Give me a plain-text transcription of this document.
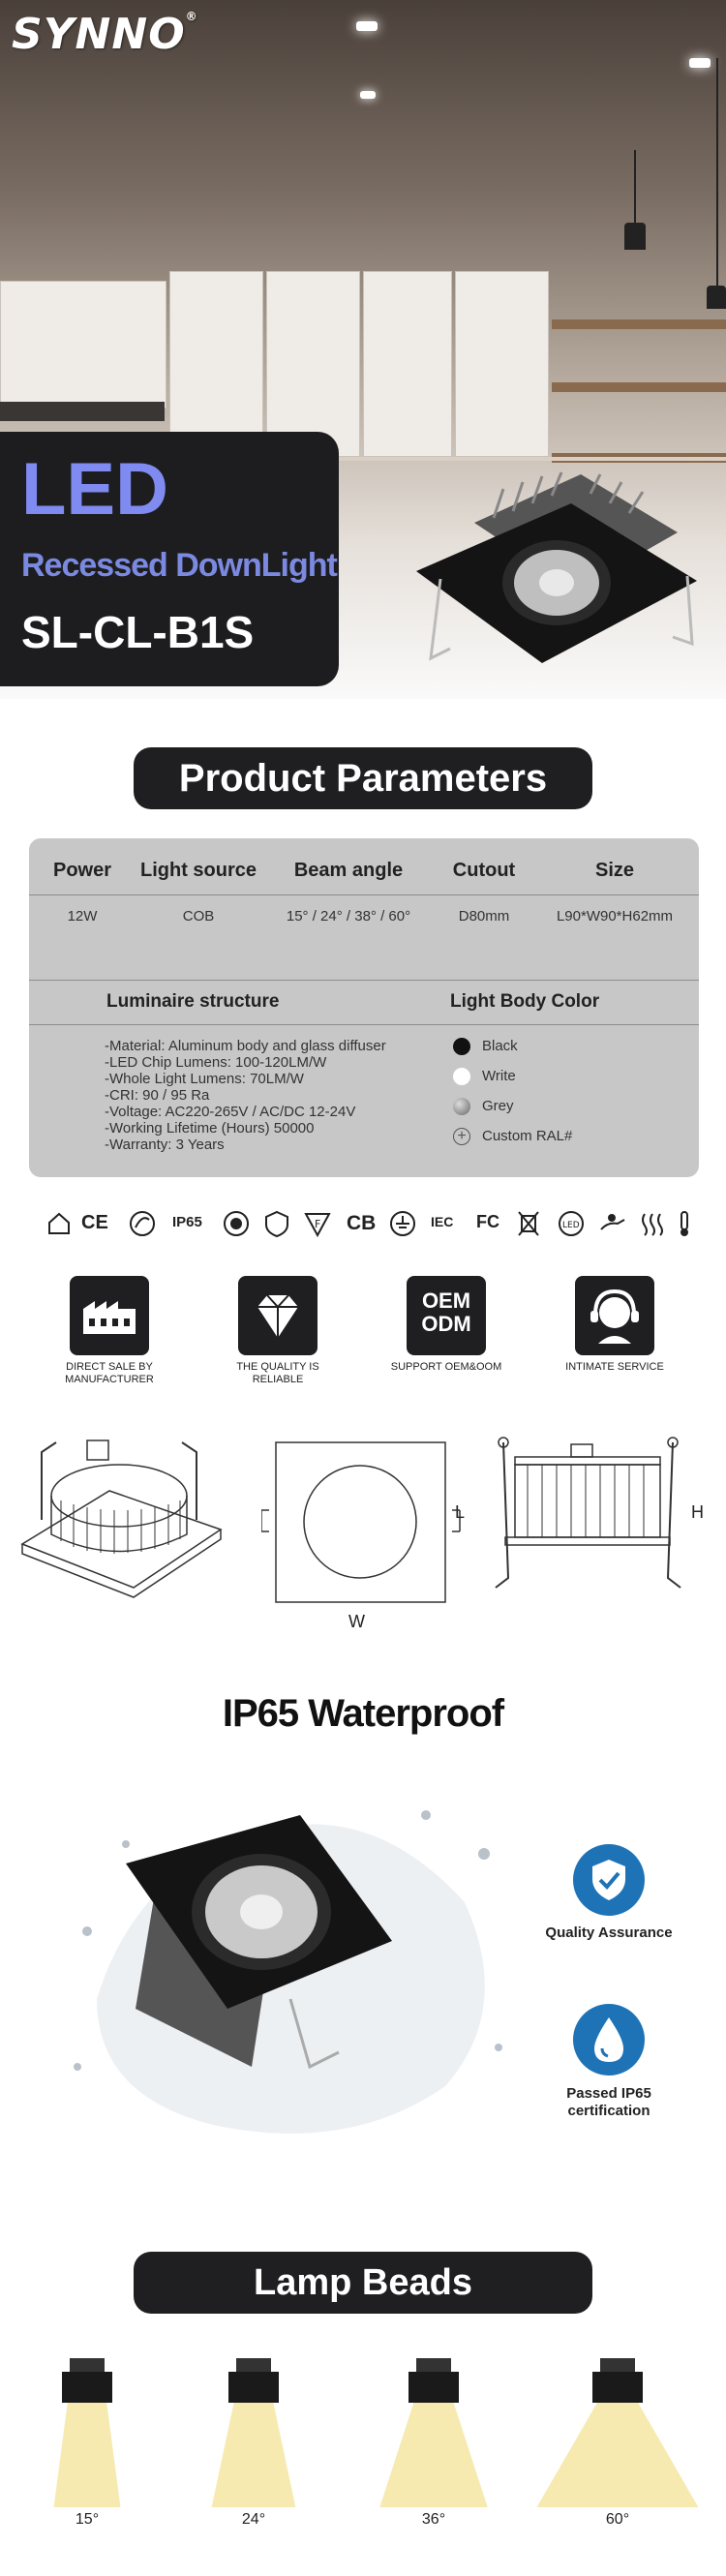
SYNNO®
LED
Recessed DownLight
SL-CL-B1S
Product Parameters
Power	Light source	Beam angle	Cutout	Size
12W	COB	15° / 24° / 38° / 60°	D80mm	L90*W90*H62mm
Luminaire structure	Light Body Color
-Material: Aluminum body and glass diffuser
-LED Chip Lumens: 100-120LM/W
-Whole Light Lumens: 70LM/W
-CRI: 90 / 95 Ra
-Voltage: AC220-265V / AC/DC 12-24V
-Working Lifetime (Hours) 50000
-Warranty: 3 Years
Black
Write
Grey
+ Custom RAL#
CE	IP65	F CB	IEC FC	LED
DIRECT SALE BY MANUFACTURER
THE QUALITY IS RELIABLE
OEM
ODM
SUPPORT OEM&OOM	INTIMATE SERVICE
L
W
H
IP65 Waterproof
Quality Assurance
Passed IP65 certification
Lamp Beads
15°	24°	36°	60°
